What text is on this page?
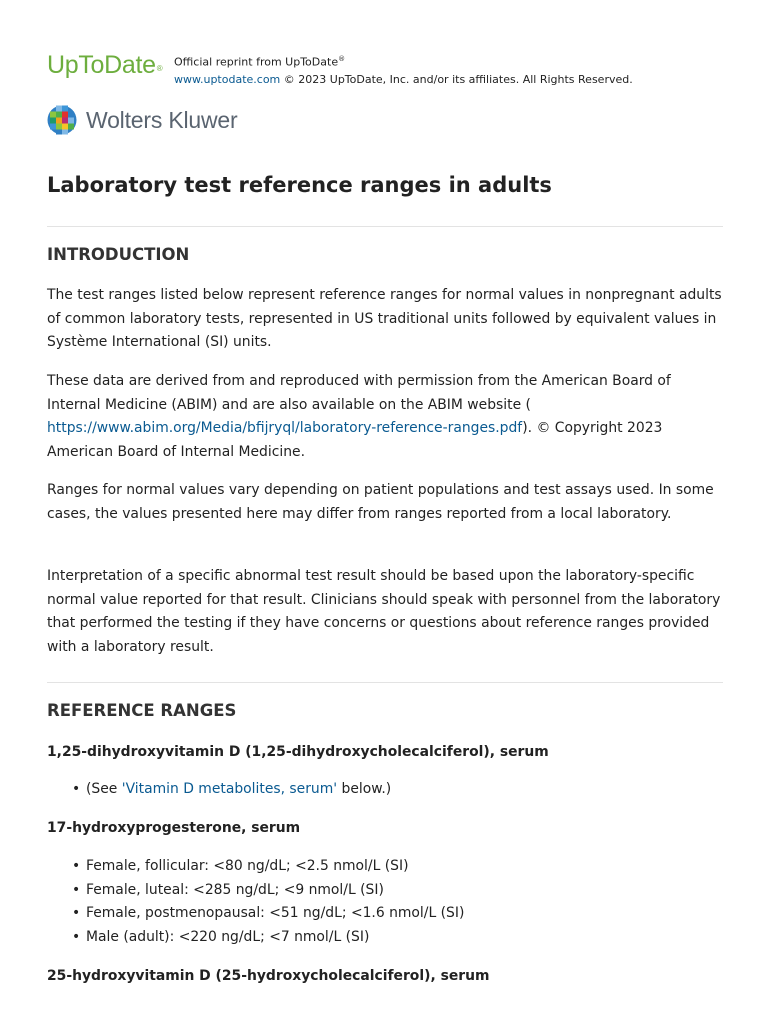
UpToDate® Official reprint from UpToDate®
www.uptodate.com © 2023 UpToDate, Inc. and/or its affiliates. All Rights Reserved.
Wolters Kluwer
Laboratory test reference ranges in adults
INTRODUCTION

The test ranges listed below represent reference ranges for normal values in nonpregnant adults of common laboratory tests, represented in US traditional units followed by equivalent values in Système International (SI) units.

These data are derived from and reproduced with permission from the American Board of Internal Medicine (ABIM) and are also available on the ABIM website (https://www.abim.org/Media/bfijryql/laboratory-reference-ranges.pdf). © Copyright 2023 American Board of Internal Medicine.

Ranges for normal values vary depending on patient populations and test assays used. In some cases, the values presented here may differ from ranges reported from a local laboratory.

Interpretation of a specific abnormal test result should be based upon the laboratory-specific normal value reported for that result. Clinicians should speak with personnel from the laboratory that performed the testing if they have concerns or questions about reference ranges provided with a laboratory result.

REFERENCE RANGES
1,25-dihydroxyvitamin D (1,25-dihydroxycholecalciferol), serum
• (See 'Vitamin D metabolites, serum' below.)
17-hydroxyprogesterone, serum
• Female, follicular: <80 ng/dL; <2.5 nmol/L (SI)
• Female, luteal: <285 ng/dL; <9 nmol/L (SI)
• Female, postmenopausal: <51 ng/dL; <1.6 nmol/L (SI)
• Male (adult): <220 ng/dL; <7 nmol/L (SI)
25-hydroxyvitamin D (25-hydroxycholecalciferol), serum
